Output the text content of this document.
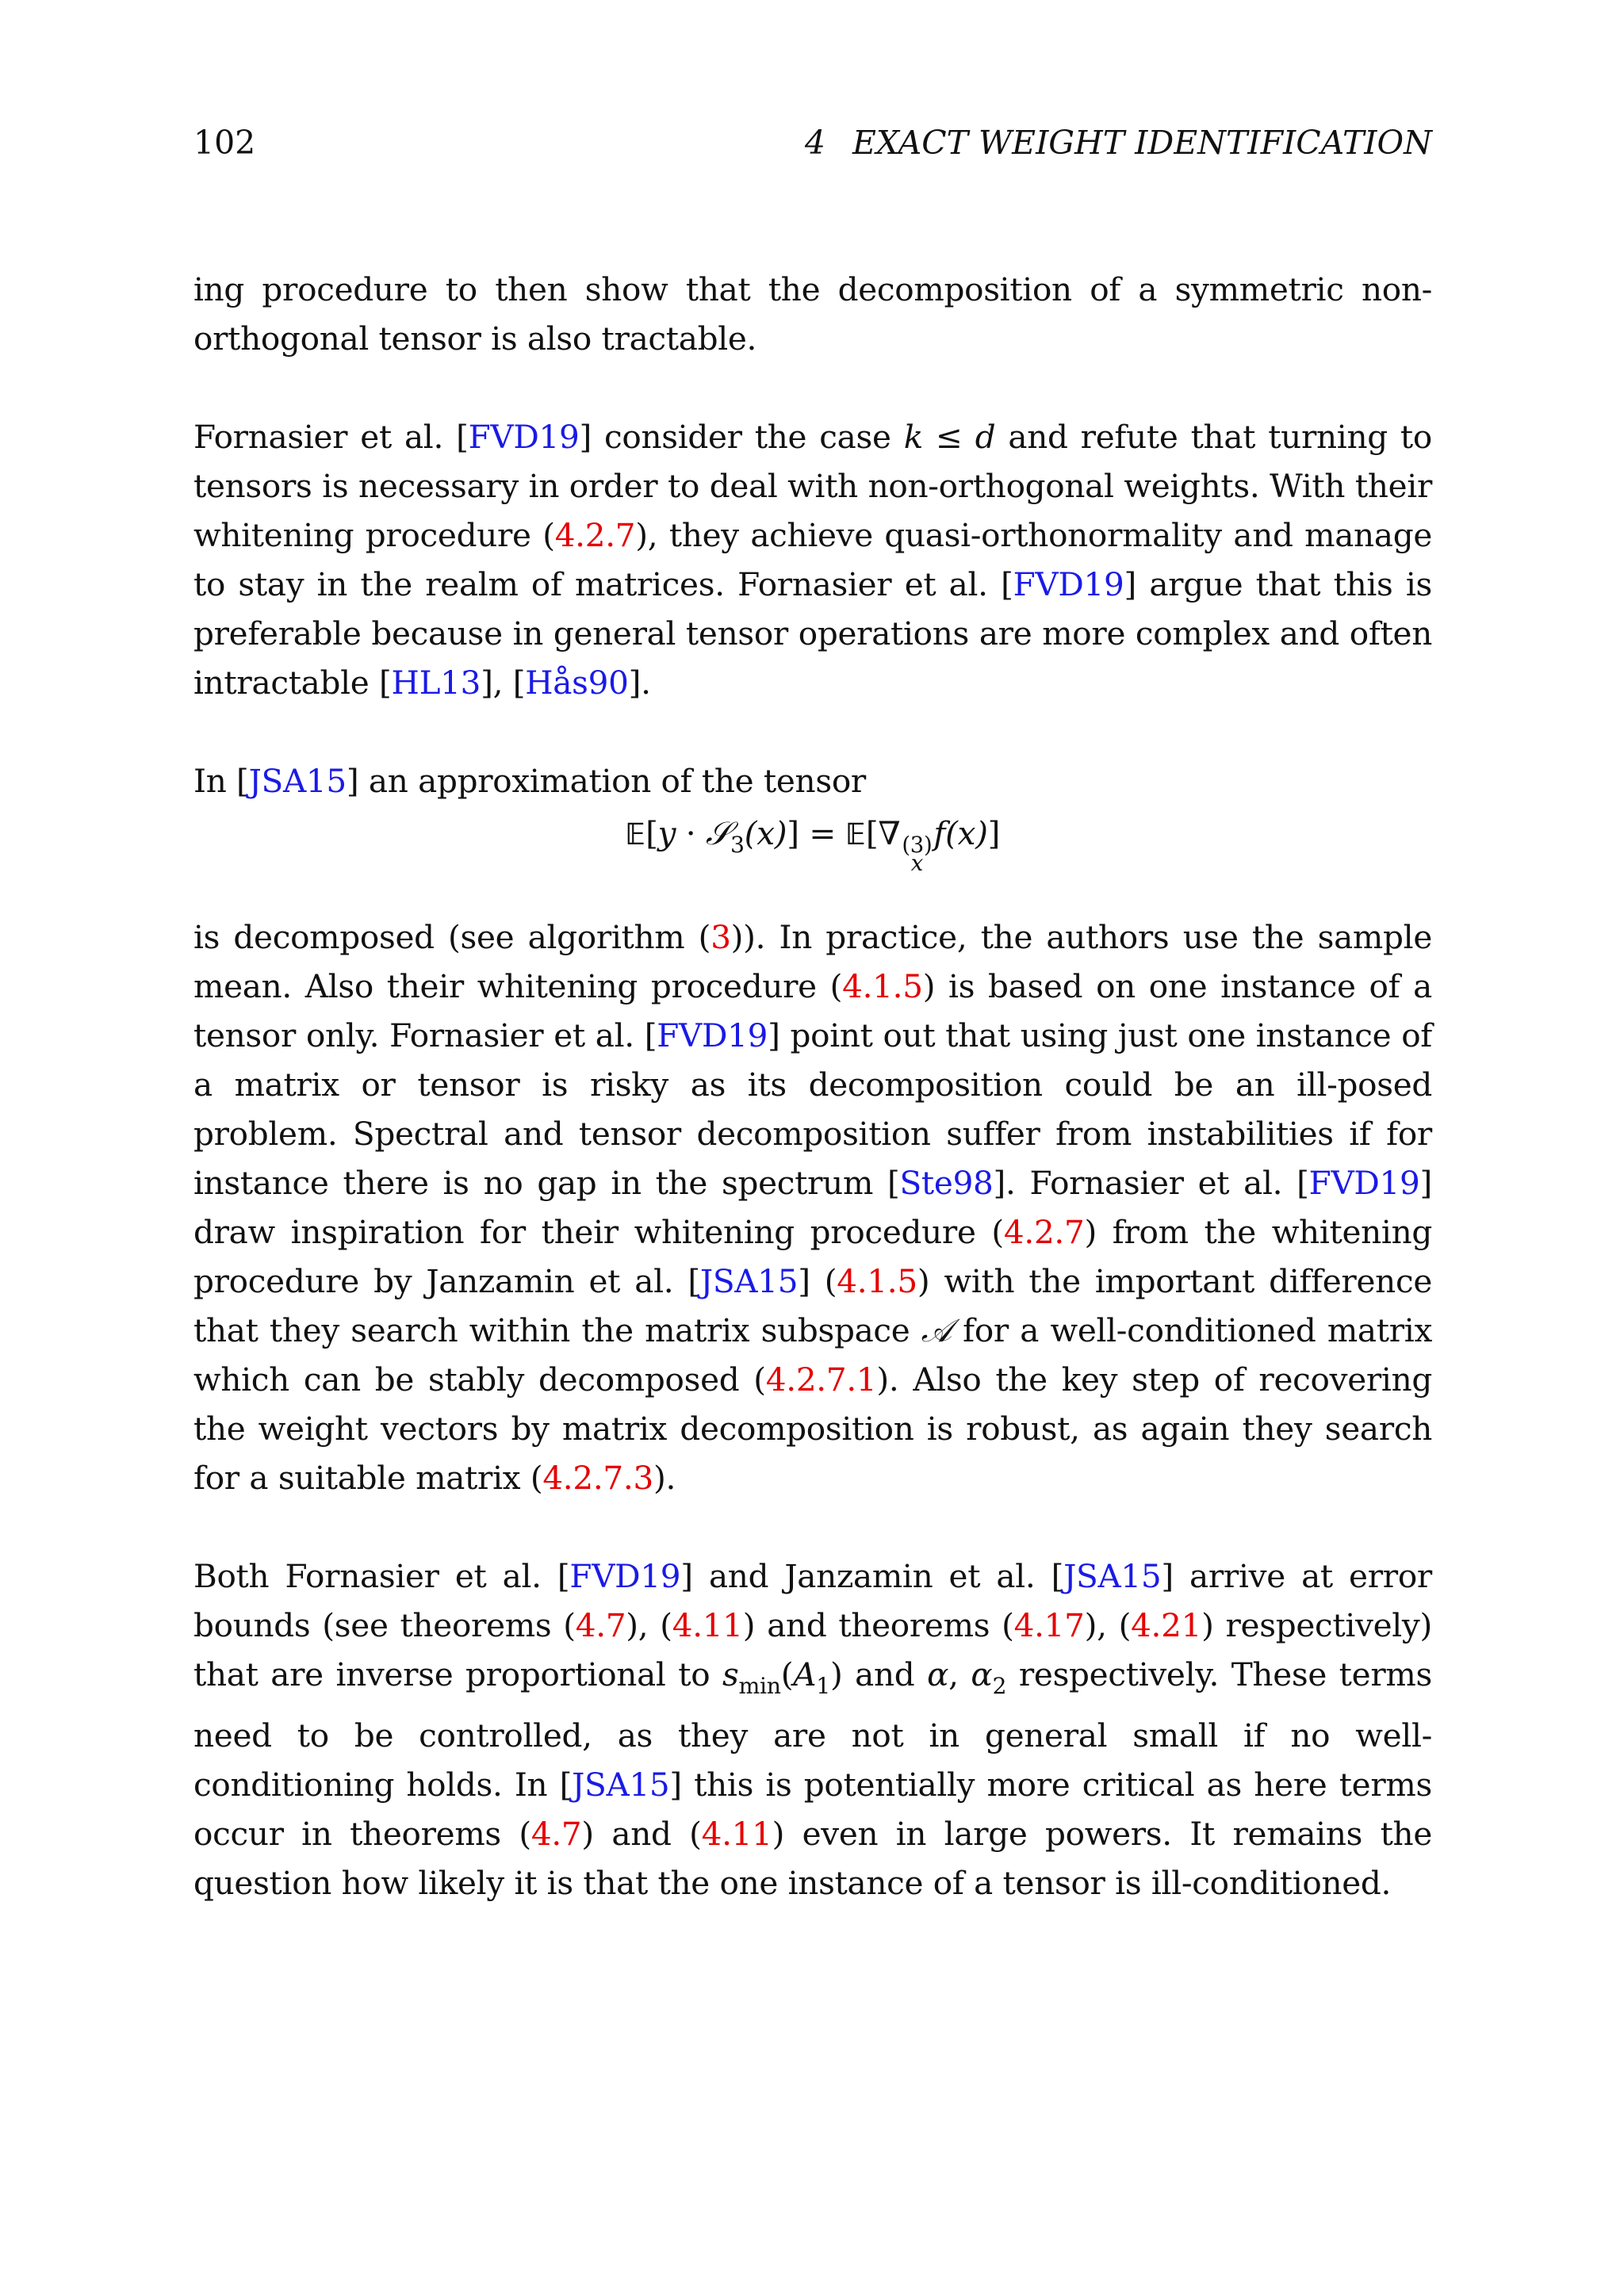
102	4 EXACT WEIGHT IDENTIFICATION

ing procedure to then show that the decomposition of a symmetric non-orthogonal tensor is also tractable.

Fornasier et al. [FVD19] consider the case k ≤ d and refute that turning to tensors is necessary in order to deal with non-orthogonal weights. With their whitening procedure (4.2.7), they achieve quasi-orthonormality and manage to stay in the realm of matrices. Fornasier et al. [FVD19] argue that this is preferable because in general tensor operations are more complex and often intractable [HL13], [Hås90].

In [JSA15] an approximation of the tensor

𝔼[y · 𝒮$_3$(x)] = 𝔼[∇ (3)
x
f(x)]

is decomposed (see algorithm (3)). In practice, the authors use the sample mean. Also their whitening procedure (4.1.5) is based on one instance of a tensor only. Fornasier et al. [FVD19] point out that using just one instance of a matrix or tensor is risky as its decomposition could be an ill-posed problem. Spectral and tensor decomposition suffer from instabilities if for instance there is no gap in the spectrum [Ste98]. Fornasier et al. [FVD19] draw inspiration for their whitening procedure (4.2.7) from the whitening procedure by Janzamin et al. [JSA15] (4.1.5) with the important difference that they search within the matrix subspace 𝒜 for a well-conditioned matrix which can be stably decomposed (4.2.7.1). Also the key step of recovering the weight vectors by matrix decomposition is robust, as again they search for a suitable matrix (4.2.7.3).

Both Fornasier et al. [FVD19] and Janzamin et al. [JSA15] arrive at error bounds (see theorems (4.7), (4.11) and theorems (4.17), (4.21) respectively) that are inverse proportional to $s_{min}(A_1)$ and α, $\alpha_2$ respectively. These terms need to be controlled, as they are not in general small if no well-conditioning holds. In [JSA15] this is potentially more critical as here terms occur in theorems (4.7) and (4.11) even in large powers. It remains the question how likely it is that the one instance of a tensor is ill-conditioned.
